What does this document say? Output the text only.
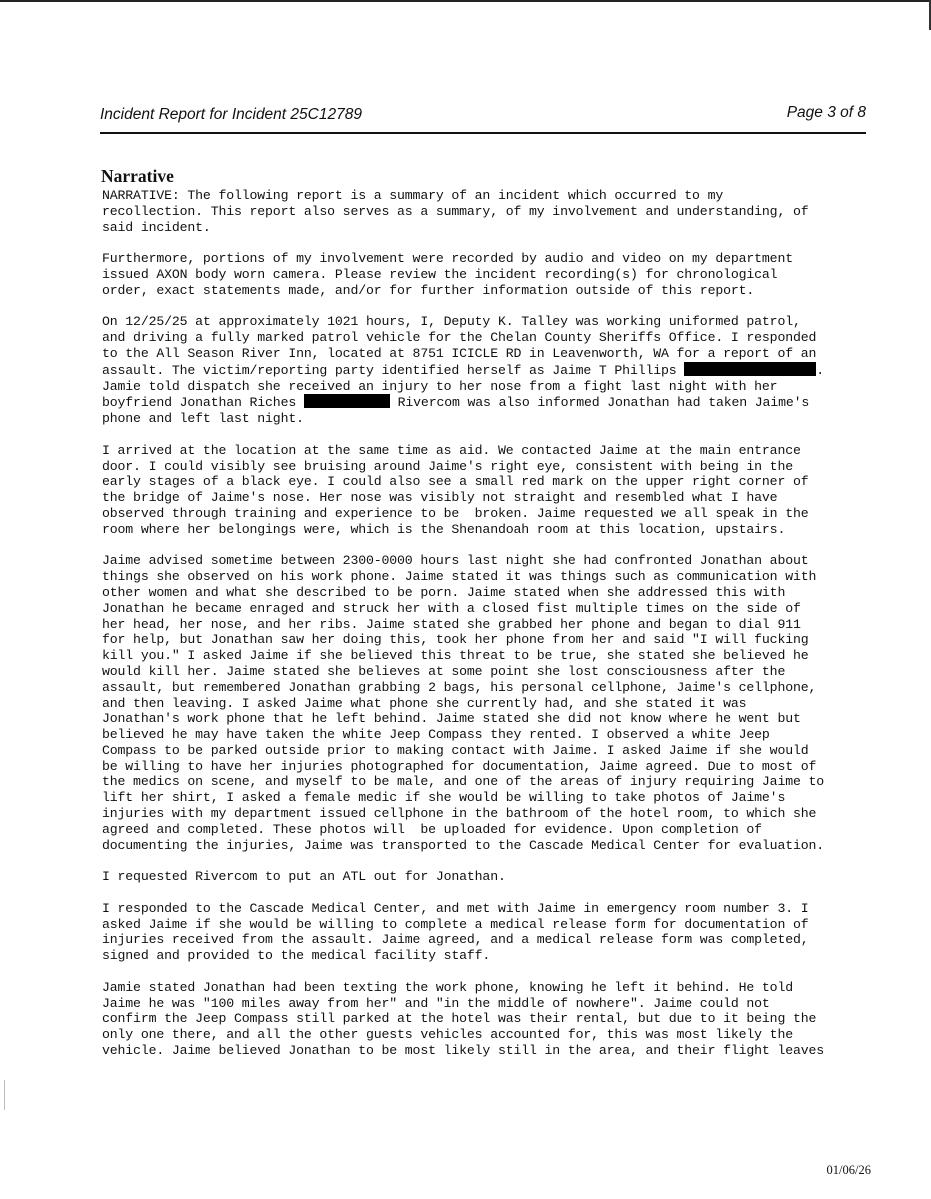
Incident Report for Incident 25C12789	Page 3 of 8
Narrative
NARRATIVE: The following report is a summary of an incident which occurred to my
recollection. This report also serves as a summary, of my involvement and understanding, of
said incident.
Furthermore, portions of my involvement were recorded by audio and video on my department
issued AXON body worn camera. Please review the incident recording(s) for chronological
order, exact statements made, and/or for further information outside of this report.
On 12/25/25 at approximately 1021 hours, I, Deputy K. Talley was working uniformed patrol,
and driving a fully marked patrol vehicle for the Chelan County Sheriffs Office. I responded
to the All Season River Inn, located at 8751 ICICLE RD in Leavenworth, WA for a report of an
assault. The victim/reporting party identified herself as Jaime T Phillips	.
Jamie told dispatch she received an injury to her nose from a fight last night with her
boyfriend Jonathan Riches	Rivercom was also informed Jonathan had taken Jaime's
phone and left last night.
I arrived at the location at the same time as aid. We contacted Jaime at the main entrance
door. I could visibly see bruising around Jaime's right eye, consistent with being in the
early stages of a black eye. I could also see a small red mark on the upper right corner of
the bridge of Jaime's nose. Her nose was visibly not straight and resembled what I have
observed through training and experience to be  broken. Jaime requested we all speak in the
room where her belongings were, which is the Shenandoah room at this location, upstairs.
Jaime advised sometime between 2300-0000 hours last night she had confronted Jonathan about
things she observed on his work phone. Jaime stated it was things such as communication with
other women and what she described to be porn. Jaime stated when she addressed this with
Jonathan he became enraged and struck her with a closed fist multiple times on the side of
her head, her nose, and her ribs. Jaime stated she grabbed her phone and began to dial 911
for help, but Jonathan saw her doing this, took her phone from her and said "I will fucking
kill you." I asked Jaime if she believed this threat to be true, she stated she believed he
would kill her. Jaime stated she believes at some point she lost consciousness after the
assault, but remembered Jonathan grabbing 2 bags, his personal cellphone, Jaime's cellphone,
and then leaving. I asked Jaime what phone she currently had, and she stated it was
Jonathan's work phone that he left behind. Jaime stated she did not know where he went but
believed he may have taken the white Jeep Compass they rented. I observed a white Jeep
Compass to be parked outside prior to making contact with Jaime. I asked Jaime if she would
be willing to have her injuries photographed for documentation, Jaime agreed. Due to most of
the medics on scene, and myself to be male, and one of the areas of injury requiring Jaime to
lift her shirt, I asked a female medic if she would be willing to take photos of Jaime's
injuries with my department issued cellphone in the bathroom of the hotel room, to which she
agreed and completed. These photos will  be uploaded for evidence. Upon completion of
documenting the injuries, Jaime was transported to the Cascade Medical Center for evaluation.
I requested Rivercom to put an ATL out for Jonathan.
I responded to the Cascade Medical Center, and met with Jaime in emergency room number 3. I
asked Jaime if she would be willing to complete a medical release form for documentation of
injuries received from the assault. Jaime agreed, and a medical release form was completed,
signed and provided to the medical facility staff.
Jamie stated Jonathan had been texting the work phone, knowing he left it behind. He told
Jaime he was "100 miles away from her" and "in the middle of nowhere". Jaime could not
confirm the Jeep Compass still parked at the hotel was their rental, but due to it being the
only one there, and all the other guests vehicles accounted for, this was most likely the
vehicle. Jaime believed Jonathan to be most likely still in the area, and their flight leaves
01/06/26
